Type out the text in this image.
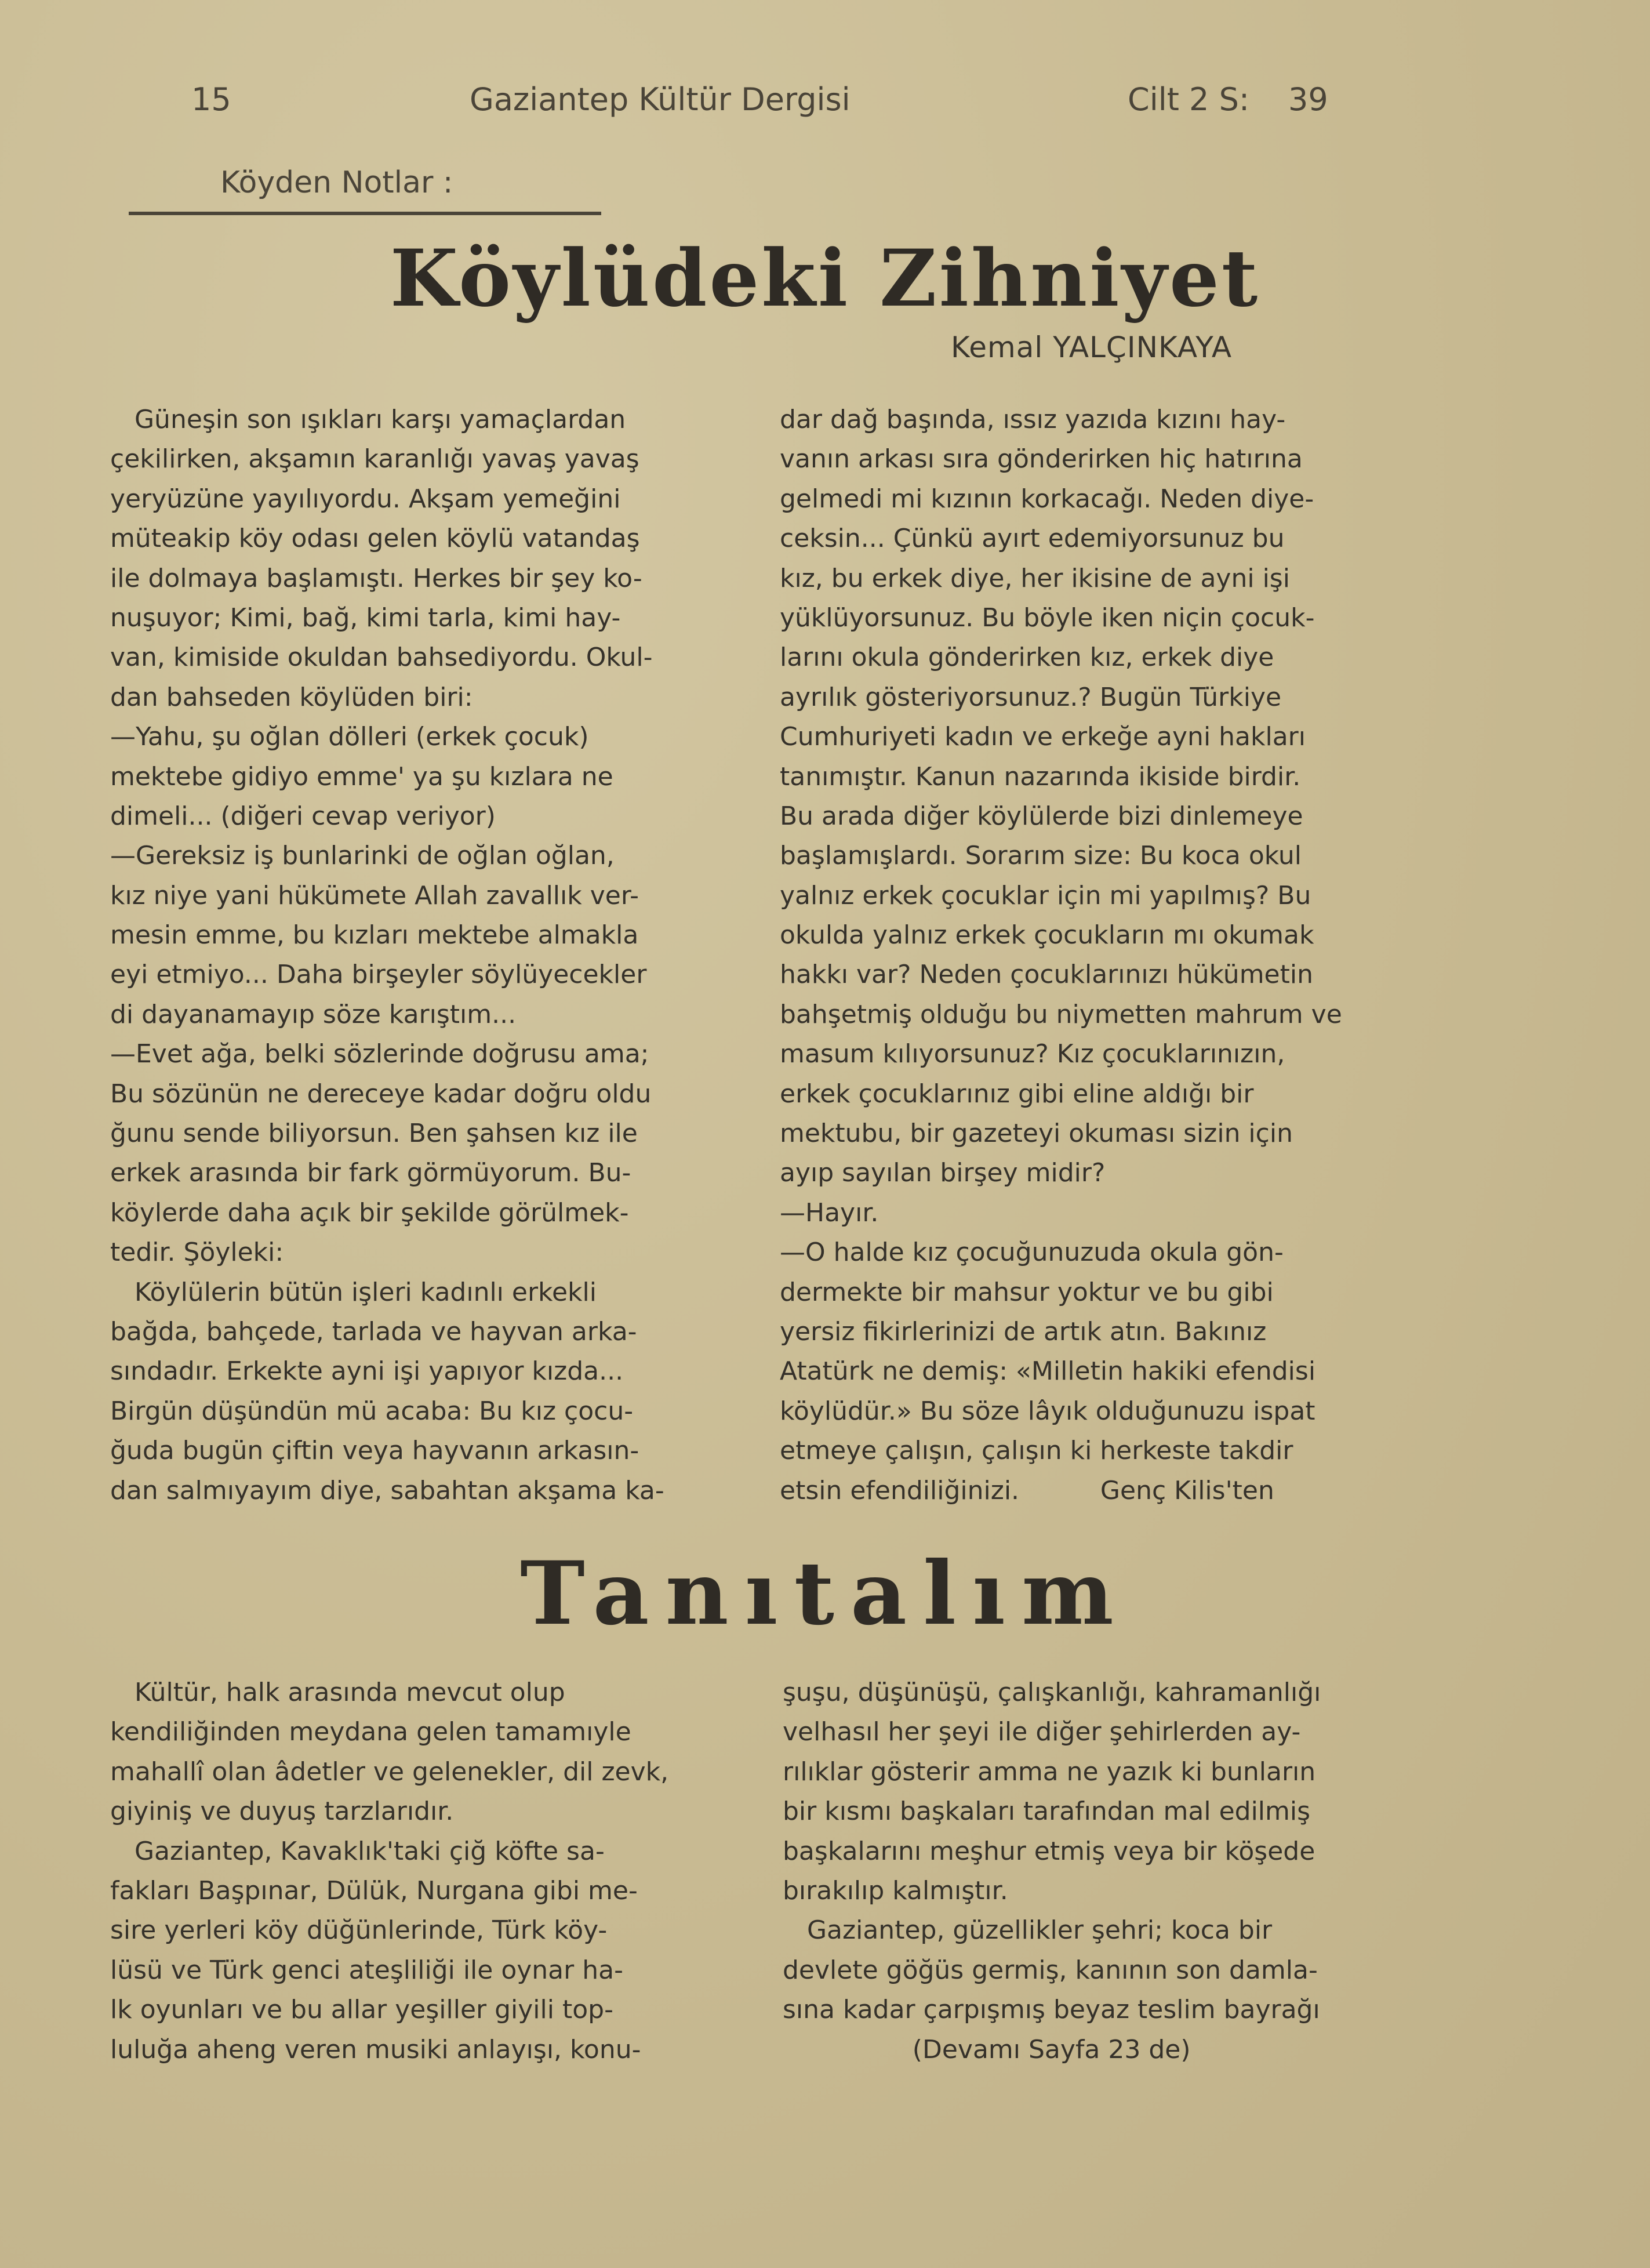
15	Gaziantep Kültür Dergisi	Cilt 2 S: 39
Köyden Notlar :
Köylüdeki Zihniyet
Kemal YALÇINKAYA
Güneşin son ışıkları karşı yamaçlardan
çekilirken, akşamın karanlığı yavaş yavaş
yeryüzüne yayılıyordu. Akşam yemeğini
müteakip köy odası gelen köylü vatandaş
ile dolmaya başlamıştı. Herkes bir şey ko-
nuşuyor; Kimi, bağ, kimi tarla, kimi hay-
van, kimiside okuldan bahsediyordu. Okul-
dan bahseden köylüden biri:
—Yahu, şu oğlan dölleri (erkek çocuk)
mektebe gidiyo emme' ya şu kızlara ne
dimeli... (diğeri cevap veriyor)
—Gereksiz iş bunlarinki de oğlan oğlan,
kız niye yani hükümete Allah zavallık ver-
mesin emme, bu kızları mektebe almakla
eyi etmiyo... Daha birşeyler söylüyecekler
di dayanamayıp söze karıştım...
—Evet ağa, belki sözlerinde doğrusu ama;
Bu sözünün ne dereceye kadar doğru oldu
ğunu sende biliyorsun. Ben şahsen kız ile
erkek arasında bir fark görmüyorum. Bu-
köylerde daha açık bir şekilde görülmek-
tedir. Şöyleki:
Köylülerin bütün işleri kadınlı erkekli
bağda, bahçede, tarlada ve hayvan arka-
sındadır. Erkekte ayni işi yapıyor kızda...
Birgün düşündün mü acaba: Bu kız çocu-
ğuda bugün çiftin veya hayvanın arkasın-
dan salmıyayım diye, sabahtan akşama ka-
dar dağ başında, ıssız yazıda kızını hay-
vanın arkası sıra gönderirken hiç hatırına
gelmedi mi kızının korkacağı. Neden diye-
ceksin... Çünkü ayırt edemiyorsunuz bu
kız, bu erkek diye, her ikisine de ayni işi
yüklüyorsunuz. Bu böyle iken niçin çocuk-
larını okula gönderirken kız, erkek diye
ayrılık gösteriyorsunuz.? Bugün Türkiye
Cumhuriyeti kadın ve erkeğe ayni hakları
tanımıştır. Kanun nazarında ikiside birdir.
Bu arada diğer köylülerde bizi dinlemeye
başlamışlardı. Sorarım size: Bu koca okul
yalnız erkek çocuklar için mi yapılmış? Bu
okulda yalnız erkek çocukların mı okumak
hakkı var? Neden çocuklarınızı hükümetin
bahşetmiş olduğu bu niymetten mahrum ve
masum kılıyorsunuz? Kız çocuklarınızın,
erkek çocuklarınız gibi eline aldığı bir
mektubu, bir gazeteyi okuması sizin için
ayıp sayılan birşey midir?
—Hayır.
—O halde kız çocuğunuzuda okula gön-
dermekte bir mahsur yoktur ve bu gibi
yersiz fikirlerinizi de artık atın. Bakınız
Atatürk ne demiş: «Milletin hakiki efendisi
köylüdür.» Bu söze lâyık olduğunuzu ispat
etmeye çalışın, çalışın ki herkeste takdir
etsin efendiliğinizi.          Genç Kilis'ten
Tanıtalım
Kültür, halk arasında mevcut olup
kendiliğinden meydana gelen tamamıyle
mahallî olan âdetler ve gelenekler, dil zevk,
giyiniş ve duyuş tarzlarıdır.
Gaziantep, Kavaklık'taki çiğ köfte sa-
fakları Başpınar, Dülük, Nurgana gibi me-
sire yerleri köy düğünlerinde, Türk köy-
lüsü ve Türk genci ateşliliği ile oynar ha-
lk oyunları ve bu allar yeşiller giyili top-
luluğa aheng veren musiki anlayışı, konu-
şuşu, düşünüşü, çalışkanlığı, kahramanlığı
velhasıl her şeyi ile diğer şehirlerden ay-
rılıklar gösterir amma ne yazık ki bunların
bir kısmı başkaları tarafından mal edilmiş
başkalarını meşhur etmiş veya bir köşede
bırakılıp kalmıştır.
Gaziantep, güzellikler şehri; koca bir
devlete göğüs germiş, kanının son damla-
sına kadar çarpışmış beyaz teslim bayrağı
(Devamı Sayfa 23 de)
